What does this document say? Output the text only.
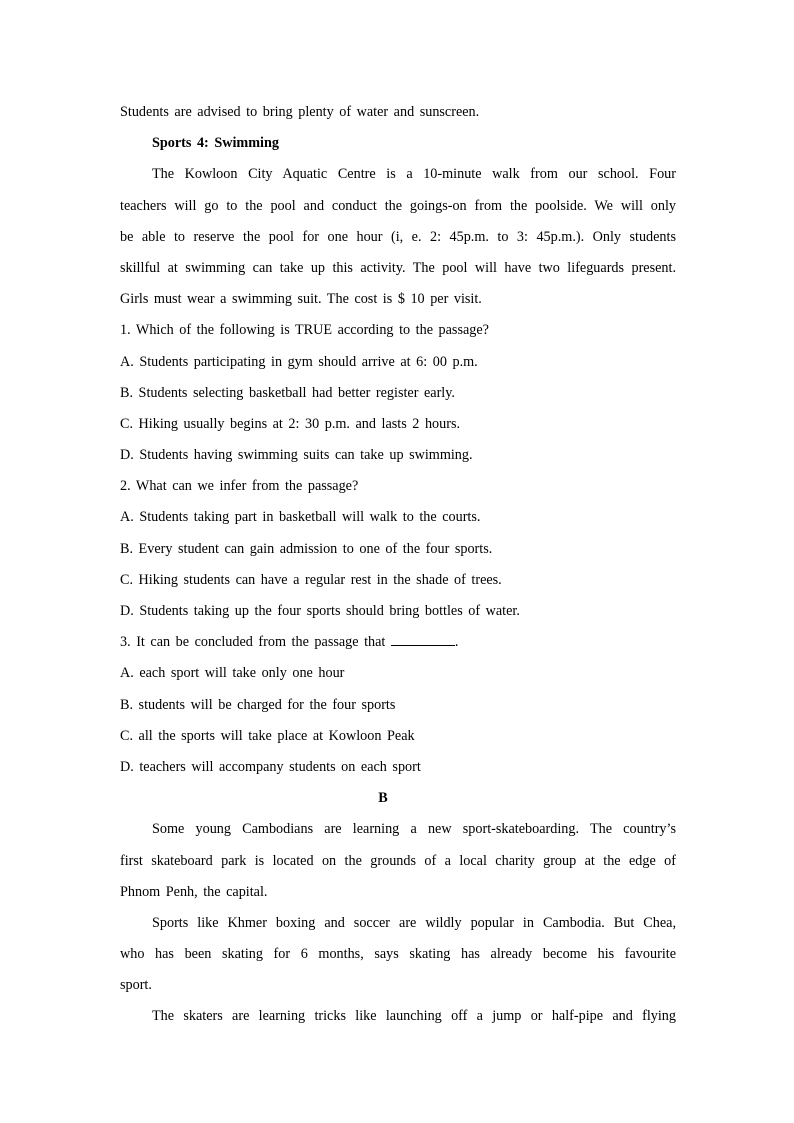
Students are advised to bring plenty of water and sunscreen.
Sports 4: Swimming
The Kowloon City Aquatic Centre is a 10-minute walk from our school. Four
teachers will go to the pool and conduct the goings-on from the poolside. We will only
be able to reserve the pool for one hour (i, e. 2: 45p.m. to 3: 45p.m.). Only students
skillful at swimming can take up this activity. The pool will have two lifeguards present.
Girls must wear a swimming suit. The cost is $ 10 per visit.
1. Which of the following is TRUE according to the passage?
A. Students participating in gym should arrive at 6: 00 p.m.
B. Students selecting basketball had better register early.
C. Hiking usually begins at 2: 30 p.m. and lasts 2 hours.
D. Students having swimming suits can take up swimming.
2. What can we infer from the passage?
A. Students taking part in basketball will walk to the courts.
B. Every student can gain admission to one of the four sports.
C. Hiking students can have a regular rest in the shade of trees.
D. Students taking up the four sports should bring bottles of water.
3. It can be concluded from the passage that	.
A. each sport will take only one hour
B. students will be charged for the four sports
C. all the sports will take place at Kowloon Peak
D. teachers will accompany students on each sport
B
Some young Cambodians are learning a new sport-skateboarding. The country’s
first skateboard park is located on the grounds of a local charity group at the edge of
Phnom Penh, the capital.
Sports like Khmer boxing and soccer are wildly popular in Cambodia. But Chea,
who has been skating for 6 months, says skating has already become his favourite
sport.
The skaters are learning tricks like launching off a jump or half-pipe and flying
